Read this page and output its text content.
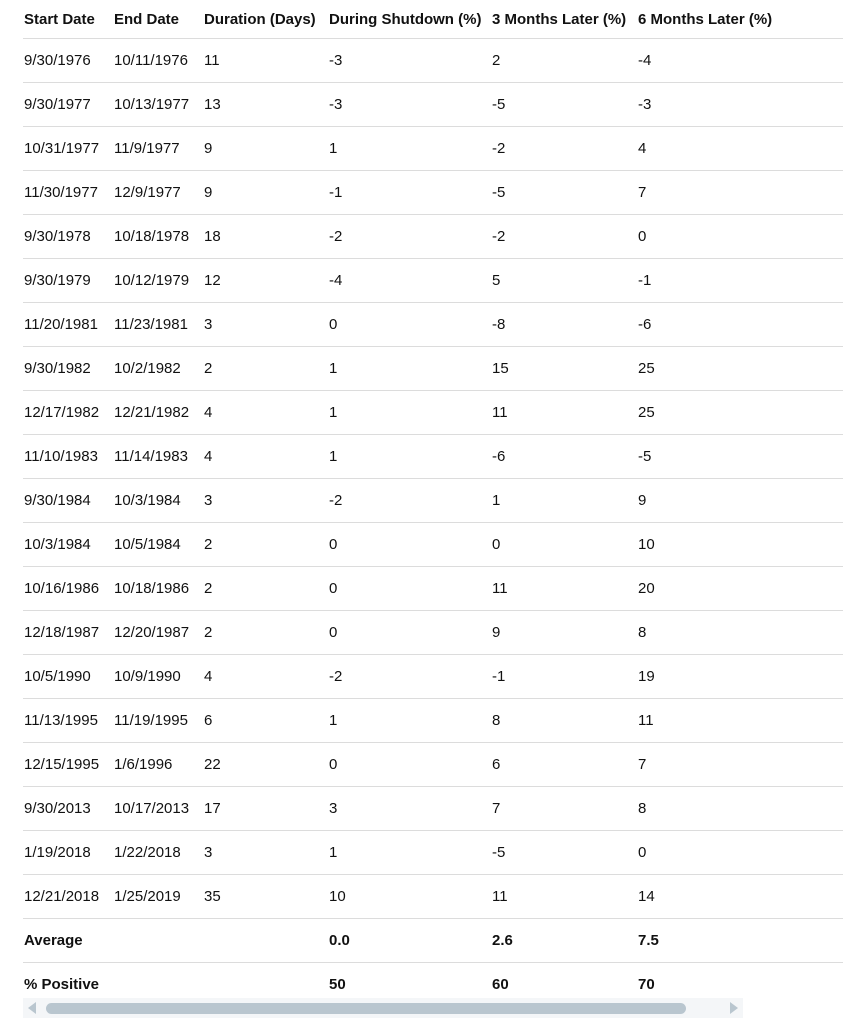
Start Date	End Date	Duration (Days)	During Shutdown (%)	3 Months Later (%)	6 Months Later (%)
9/30/1976	10/11/1976	11	-3	2	-4
9/30/1977	10/13/1977	13	-3	-5	-3
10/31/1977	11/9/1977	9	1	-2	4
11/30/1977	12/9/1977	9	-1	-5	7
9/30/1978	10/18/1978	18	-2	-2	0
9/30/1979	10/12/1979	12	-4	5	-1
11/20/1981	11/23/1981	3	0	-8	-6
9/30/1982	10/2/1982	2	1	15	25
12/17/1982	12/21/1982	4	1	11	25
11/10/1983	11/14/1983	4	1	-6	-5
9/30/1984	10/3/1984	3	-2	1	9
10/3/1984	10/5/1984	2	0	0	10
10/16/1986	10/18/1986	2	0	11	20
12/18/1987	12/20/1987	2	0	9	8
10/5/1990	10/9/1990	4	-2	-1	19
11/13/1995	11/19/1995	6	1	8	11
12/15/1995	1/6/1996	22	0	6	7
9/30/2013	10/17/2013	17	3	7	8
1/19/2018	1/22/2018	3	1	-5	0
12/21/2018	1/25/2019	35	10	11	14
Average			0.0	2.6	7.5
% Positive			50	60	70
